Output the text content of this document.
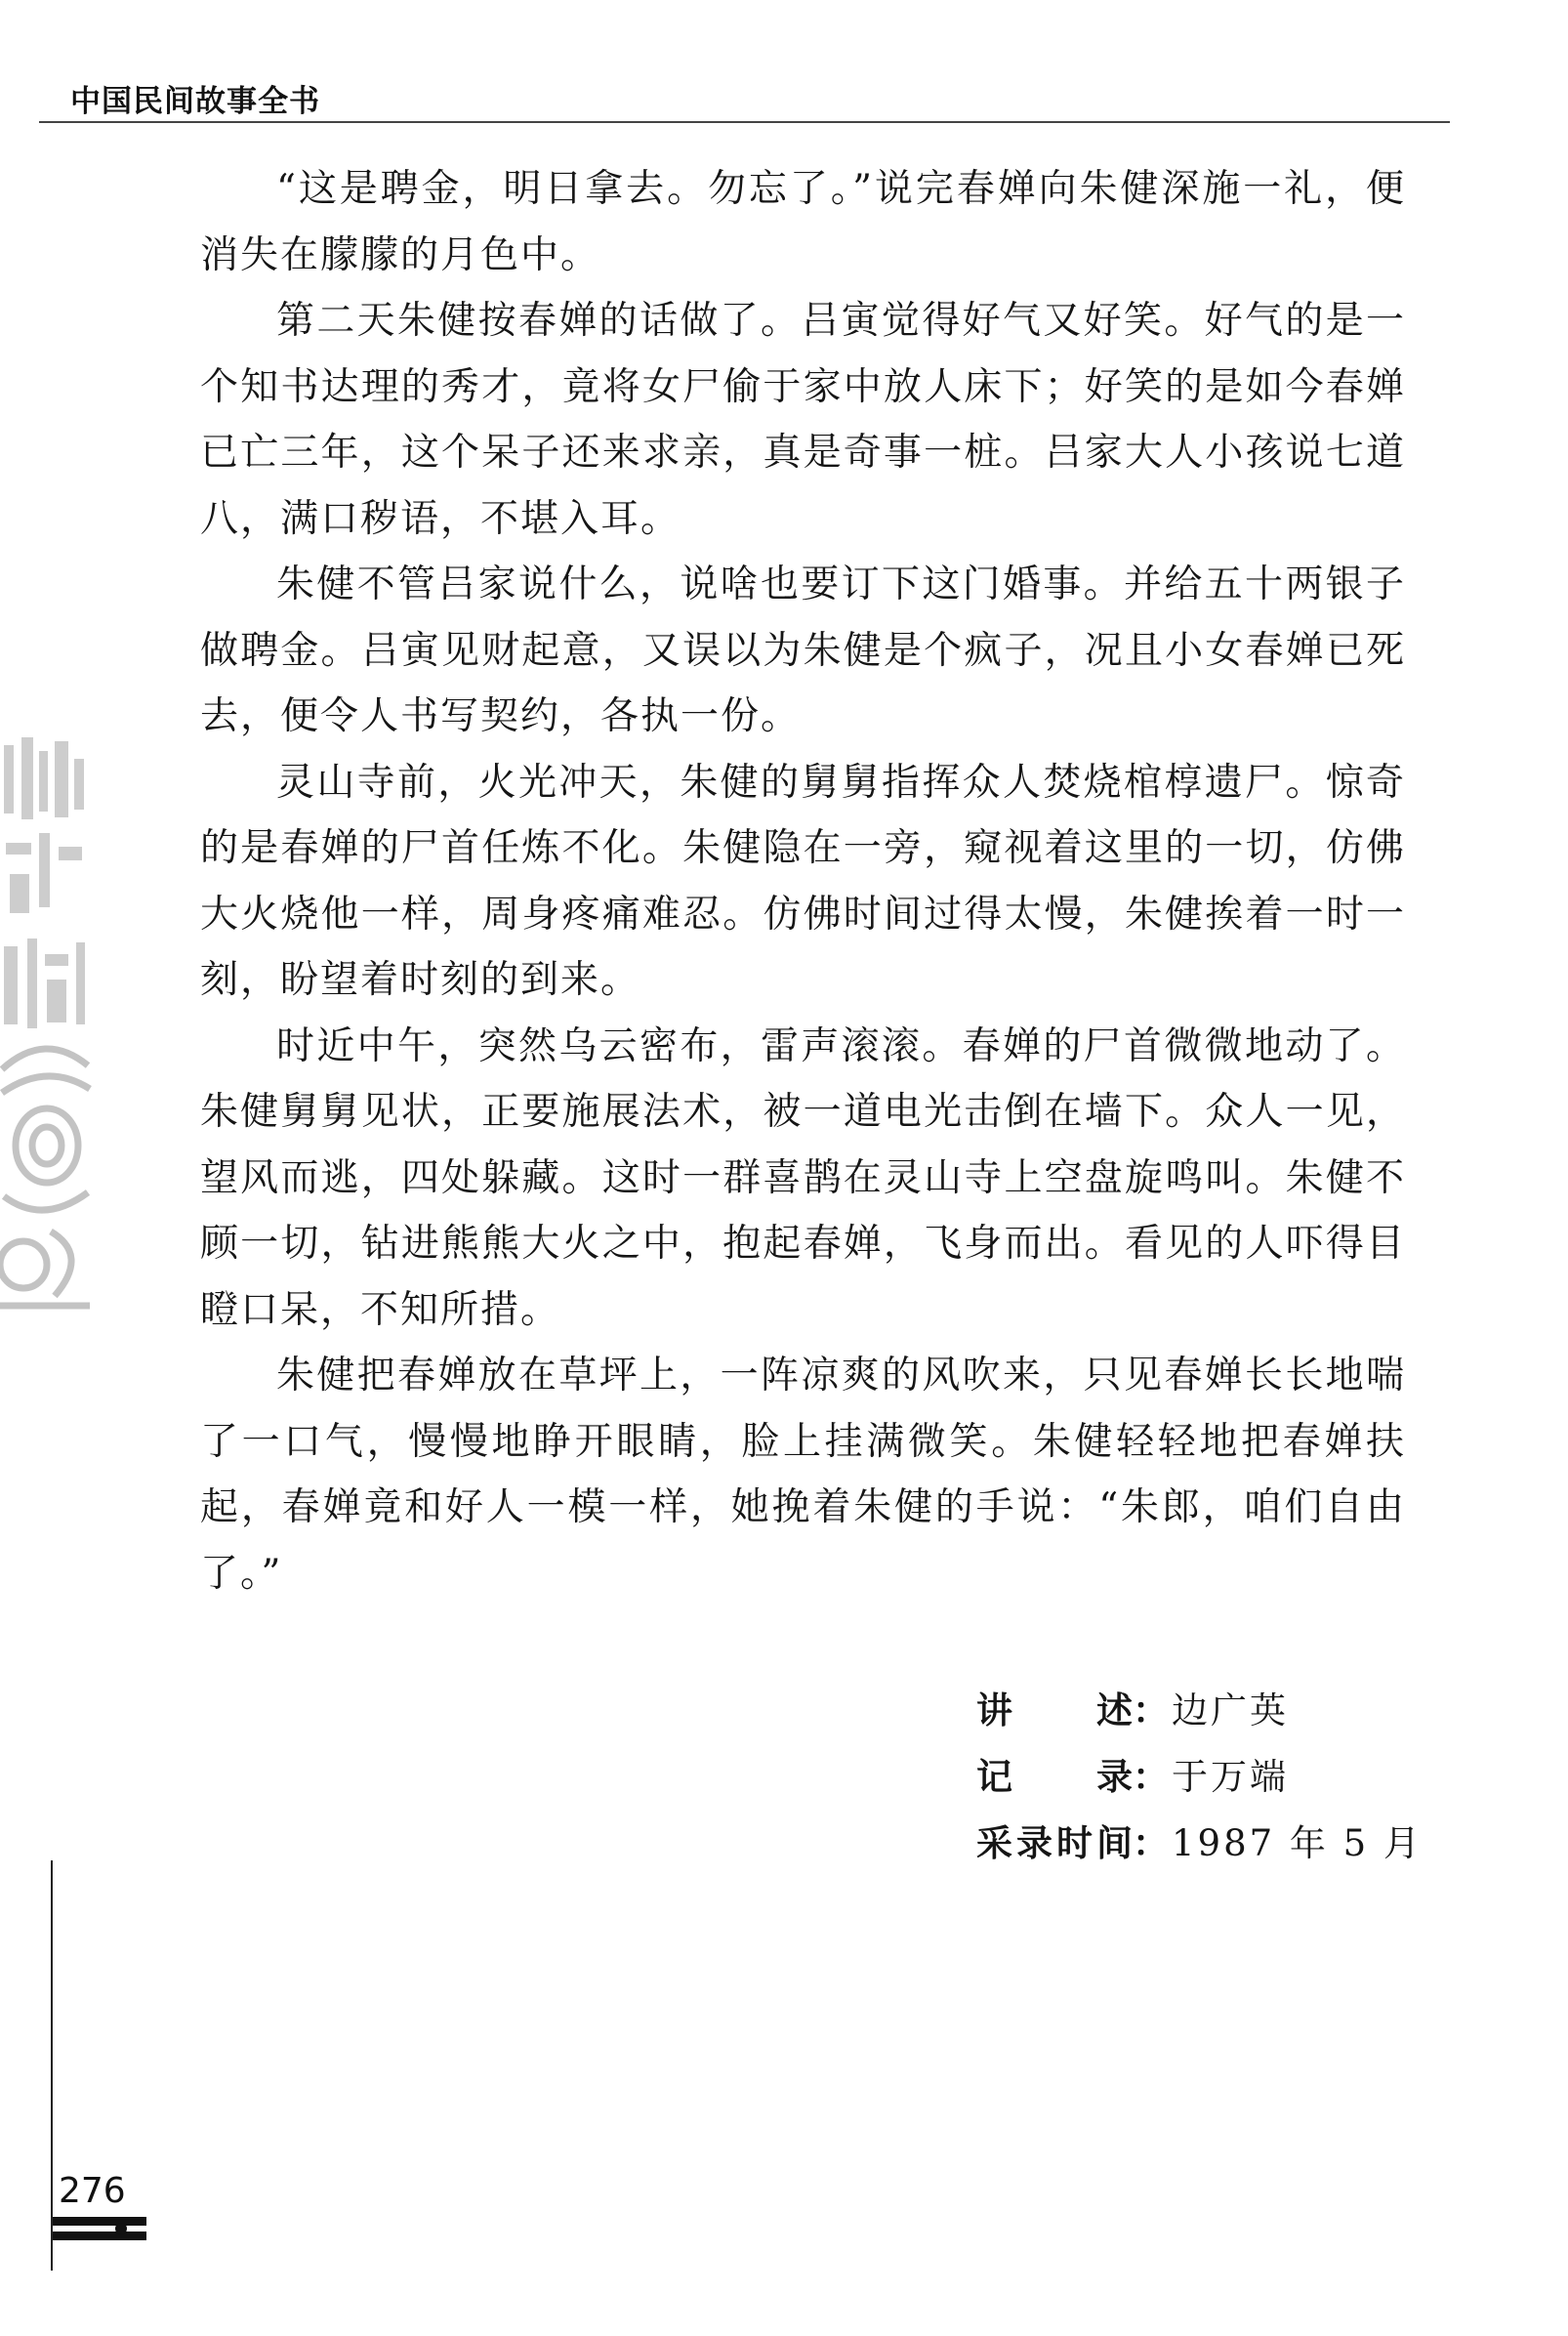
中国民间故事全书

“这是聘金，明日拿去。勿忘了。”说完春婵向朱健深施一礼，便消失在朦朦的月色中。

第二天朱健按春婵的话做了。吕寅觉得好气又好笑。好气的是一个知书达理的秀才，竟将女尸偷于家中放人床下；好笑的是如今春婵已亡三年，这个呆子还来求亲，真是奇事一桩。吕家大人小孩说七道八，满口秽语，不堪入耳。

朱健不管吕家说什么，说啥也要订下这门婚事。并给五十两银子做聘金。吕寅见财起意，又误以为朱健是个疯子，况且小女春婵已死去，便令人书写契约，各执一份。

灵山寺前，火光冲天，朱健的舅舅指挥众人焚烧棺椁遗尸。惊奇的是春婵的尸首任炼不化。朱健隐在一旁，窥视着这里的一切，仿佛大火烧他一样，周身疼痛难忍。仿佛时间过得太慢，朱健挨着一时一刻，盼望着时刻的到来。

时近中午，突然乌云密布，雷声滚滚。春婵的尸首微微地动了。朱健舅舅见状，正要施展法术，被一道电光击倒在墙下。众人一见，望风而逃，四处躲藏。这时一群喜鹊在灵山寺上空盘旋鸣叫。朱健不顾一切，钻进熊熊大火之中，抱起春婵，飞身而出。看见的人吓得目瞪口呆，不知所措。

朱健把春婵放在草坪上，一阵凉爽的风吹来，只见春婵长长地喘了一口气，慢慢地睁开眼睛，脸上挂满微笑。朱健轻轻地把春婵扶起，春婵竟和好人一模一样，她挽着朱健的手说：“朱郎，咱们自由了。”

讲述：边广英
记录：于万端
采录时间：1987 年 5 月
276
